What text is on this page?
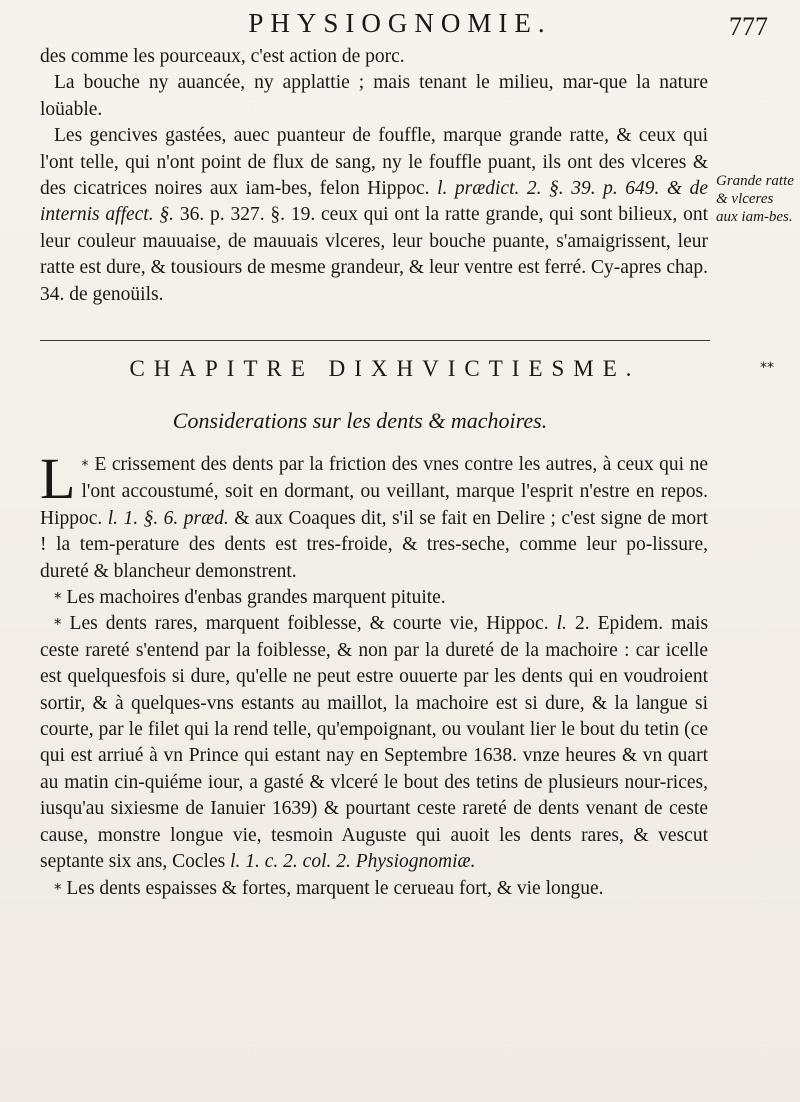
PHYSIOGNOMIE.	777

des comme les pourceaux, c'est action de porc.

La bouche ny auancée, ny applattie ; mais tenant le milieu, mar-que la nature loüable.

Les gencives gastées, auec puanteur de fouffle, marque grande ratte, & ceux qui l'ont telle, qui n'ont point de flux de sang, ny le fouffle puant, ils ont des vlceres & des cicatrices noires aux iam-bes, felon Hippoc. l. prædict. 2. §. 39. p. 649. & de internis affect. §. 36. p. 327. §. 19. ceux qui ont la ratte grande, qui sont bilieux, ont leur couleur mauuaise, de mauuais vlceres, leur bouche puante, s'amaigrissent, leur ratte est dure, & tousiours de mesme grandeur, & leur ventre est ferré. Cy-apres chap. 34. de genoüils.

Grande ratte & vlceres aux iam-bes.
**
CHAPITRE DIXHVICTIESME.
Considerations sur les dents & machoires.

*
L E crissement des dents par la friction des vnes contre les autres, à ceux qui ne l'ont accoustumé, soit en dormant, ou veillant, marque l'esprit n'estre en repos. Hippoc. l. 1. §. 6. præd. & aux Coaques dit, s'il se fait en Delire ; c'est signe de mort ! la tem-perature des dents est tres-froide, & tres-seche, comme leur po-lissure, dureté & blancheur demonstrent.

* Les machoires d'enbas grandes marquent pituite.

* Les dents rares, marquent foiblesse, & courte vie, Hippoc. l. 2. Epidem. mais ceste rareté s'entend par la foiblesse, & non par la dureté de la machoire : car icelle est quelquesfois si dure, qu'elle ne peut estre ouuerte par les dents qui en voudroient sortir, & à quelques-vns estants au maillot, la machoire est si dure, & la langue si courte, par le filet qui la rend telle, qu'empoignant, ou voulant lier le bout du tetin (ce qui est arriué à vn Prince qui estant nay en Septembre 1638. vnze heures & vn quart au matin cin-quiéme iour, a gasté & vlceré le bout des tetins de plusieurs nour-rices, iusqu'au sixiesme de Ianuier 1639) & pourtant ceste rareté de dents venant de ceste cause, monstre longue vie, tesmoin Auguste qui auoit les dents rares, & vescut septante six ans, Cocles l. 1. c. 2. col. 2. Physiognomiæ.

* Les dents espaisses & fortes, marquent le cerueau fort, & vie longue.
